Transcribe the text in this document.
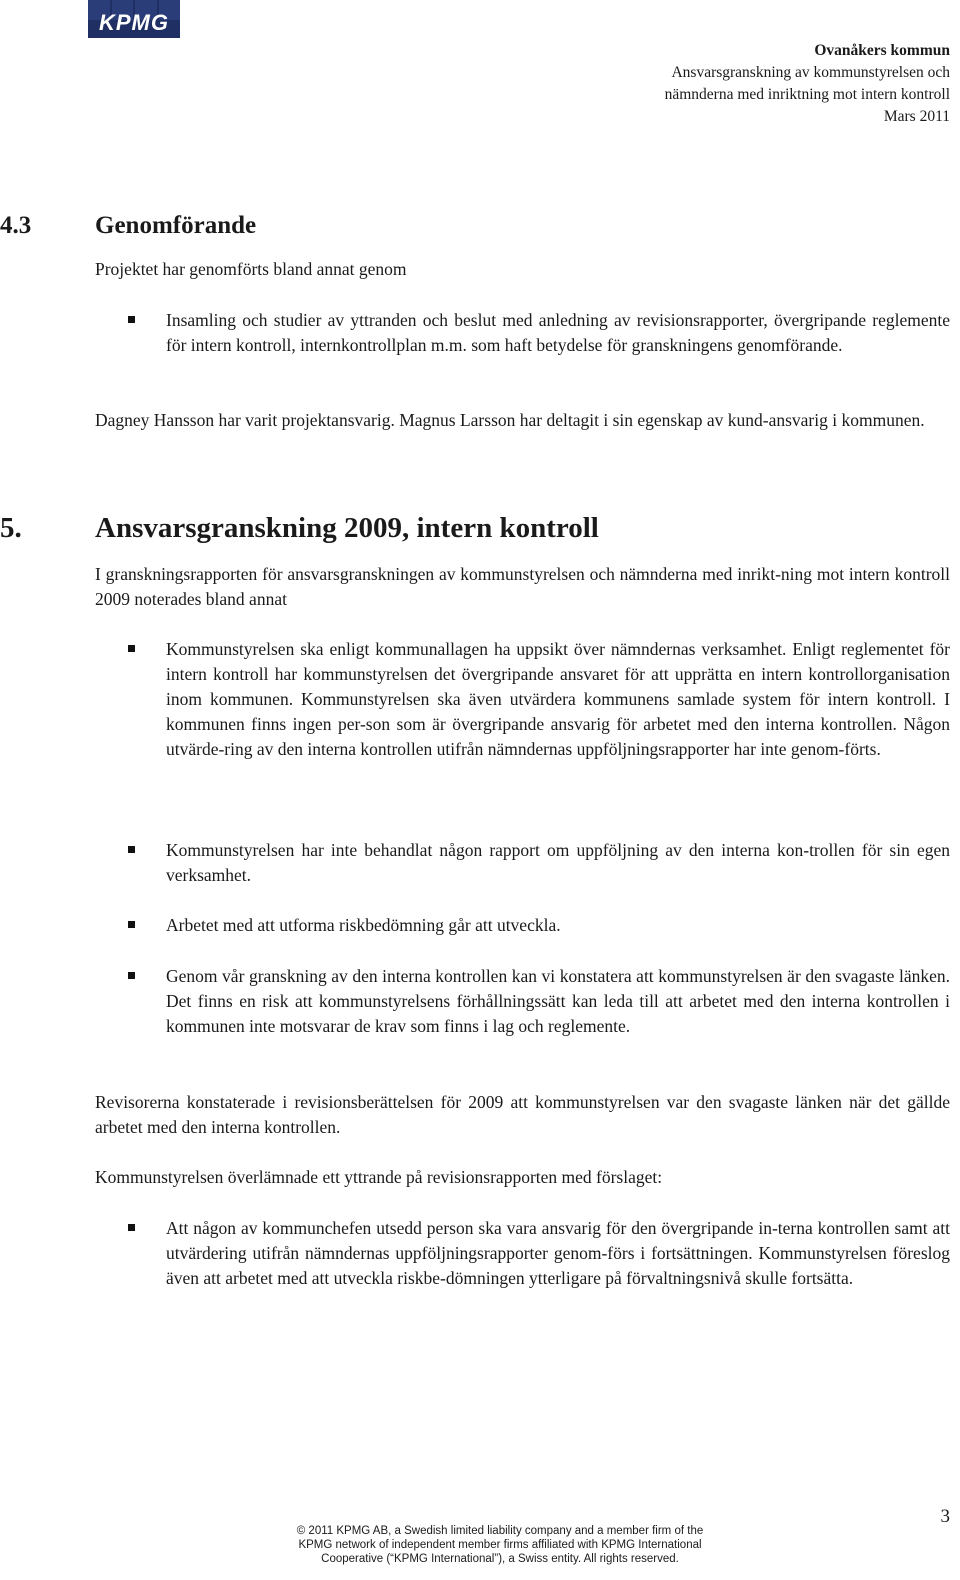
KPMG
Ovanåkers kommun
Ansvarsgranskning av kommunstyrelsen och
nämnderna med inriktning mot intern kontroll
Mars 2011
4.3	Genomförande
Projektet har genomförts bland annat genom
Insamling och studier av yttranden och beslut med anledning av revisionsrapporter, övergripande reglemente för intern kontroll, internkontrollplan m.m. som haft betydelse för granskningens genomförande.
Dagney Hansson har varit projektansvarig. Magnus Larsson har deltagit i sin egenskap av kund-ansvarig i kommunen.
5.	Ansvarsgranskning 2009, intern kontroll
I granskningsrapporten för ansvarsgranskningen av kommunstyrelsen och nämnderna med inrikt-ning mot intern kontroll 2009 noterades bland annat
Kommunstyrelsen ska enligt kommunallagen ha uppsikt över nämndernas verksamhet. Enligt reglementet för intern kontroll har kommunstyrelsen det övergripande ansvaret för att upprätta en intern kontrollorganisation inom kommunen. Kommunstyrelsen ska även utvärdera kommunens samlade system för intern kontroll. I kommunen finns ingen per-son som är övergripande ansvarig för arbetet med den interna kontrollen. Någon utvärde-ring av den interna kontrollen utifrån nämndernas uppföljningsrapporter har inte genom-förts.
Kommunstyrelsen har inte behandlat någon rapport om uppföljning av den interna kon-trollen för sin egen verksamhet.
Arbetet med att utforma riskbedömning går att utveckla.
Genom vår granskning av den interna kontrollen kan vi konstatera att kommunstyrelsen är den svagaste länken. Det finns en risk att kommunstyrelsens förhållningssätt kan leda till att arbetet med den interna kontrollen i kommunen inte motsvarar de krav som finns i lag och reglemente.
Revisorerna konstaterade i revisionsberättelsen för 2009 att kommunstyrelsen var den svagaste länken när det gällde arbetet med den interna kontrollen.
Kommunstyrelsen överlämnade ett yttrande på revisionsrapporten med förslaget:
Att någon av kommunchefen utsedd person ska vara ansvarig för den övergripande in-terna kontrollen samt att utvärdering utifrån nämndernas uppföljningsrapporter genom-förs i fortsättningen. Kommunstyrelsen föreslog även att arbetet med att utveckla riskbe-dömningen ytterligare på förvaltningsnivå skulle fortsätta.
3
© 2011 KPMG AB, a Swedish limited liability company and a member firm of the
KPMG network of independent member firms affiliated with KPMG International
Cooperative (“KPMG International”), a Swiss entity. All rights reserved.
